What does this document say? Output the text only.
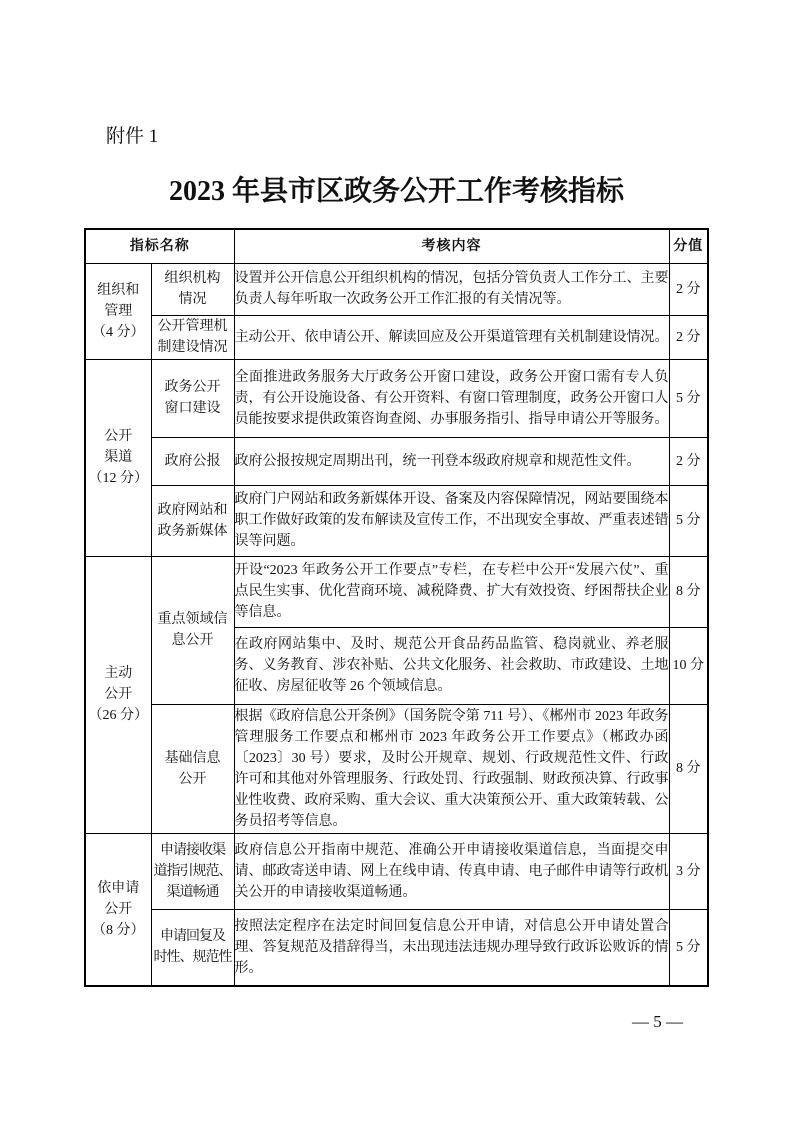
附件 1
2023 年县市区政务公开工作考核指标
指标名称		考核内容	分值

组织和
管理
（4 分）	组织机构
情况	设置并公开信息公开组织机构的情况，包括分管负责人工作分工、主要负责人每年听取一次政务公开工作汇报的有关情况等。	2 分

	公开管理机
制建设情况	主动公开、依申请公开、解读回应及公开渠道管理有关机制建设情况。	2 分

公开
渠道
（12 分）	政务公开
窗口建设	全面推进政务服务大厅政务公开窗口建设，政务公开窗口需有专人负责，有公开设施设备、有公开资料、有窗口管理制度，政务公开窗口人员能按要求提供政策咨询查阅、办事服务指引、指导申请公开等服务。	5 分

	政府公报	政府公报按规定周期出刊，统一刊登本级政府规章和规范性文件。	2 分

	政府网站和
政务新媒体	政府门户网站和政务新媒体开设、备案及内容保障情况，网站要围绕本职工作做好政策的发布解读及宣传工作，不出现安全事故、严重表述错误等问题。	5 分

主动
公开
（26 分）	重点领域信
息公开	开设“2023 年政务公开工作要点”专栏，在专栏中公开“发展六仗”、重点民生实事、优化营商环境、减税降费、扩大有效投资、纾困帮扶企业等信息。	8 分
		在政府网站集中、及时、规范公开食品药品监管、稳岗就业、养老服务、义务教育、涉农补贴、公共文化服务、社会救助、市政建设、土地征收、房屋征收等 26 个领域信息。	10 分

	基础信息
公开	根据《政府信息公开条例》（国务院令第 711 号）、《郴州市 2023 年政务管理服务工作要点和郴州市 2023 年政务公开工作要点》（郴政办函〔2023〕30 号）要求，及时公开规章、规划、行政规范性文件、行政许可和其他对外管理服务、行政处罚、行政强制、财政预决算、行政事业性收费、政府采购、重大会议、重大决策预公开、重大政策转载、公务员招考等信息。	8 分

依申请
公开
（8 分）	申请接收渠
道指引规范、
渠道畅通	政府信息公开指南中规范、准确公开申请接收渠道信息，当面提交申请、邮政寄送申请、网上在线申请、传真申请、电子邮件申请等行政机关公开的申请接收渠道畅通。	3 分

	申请回复及
时性、规范性	按照法定程序在法定时间回复信息公开申请，对信息公开申请处置合理、答复规范及措辞得当，未出现违法违规办理导致行政诉讼败诉的情形。	5 分
— 5 —
